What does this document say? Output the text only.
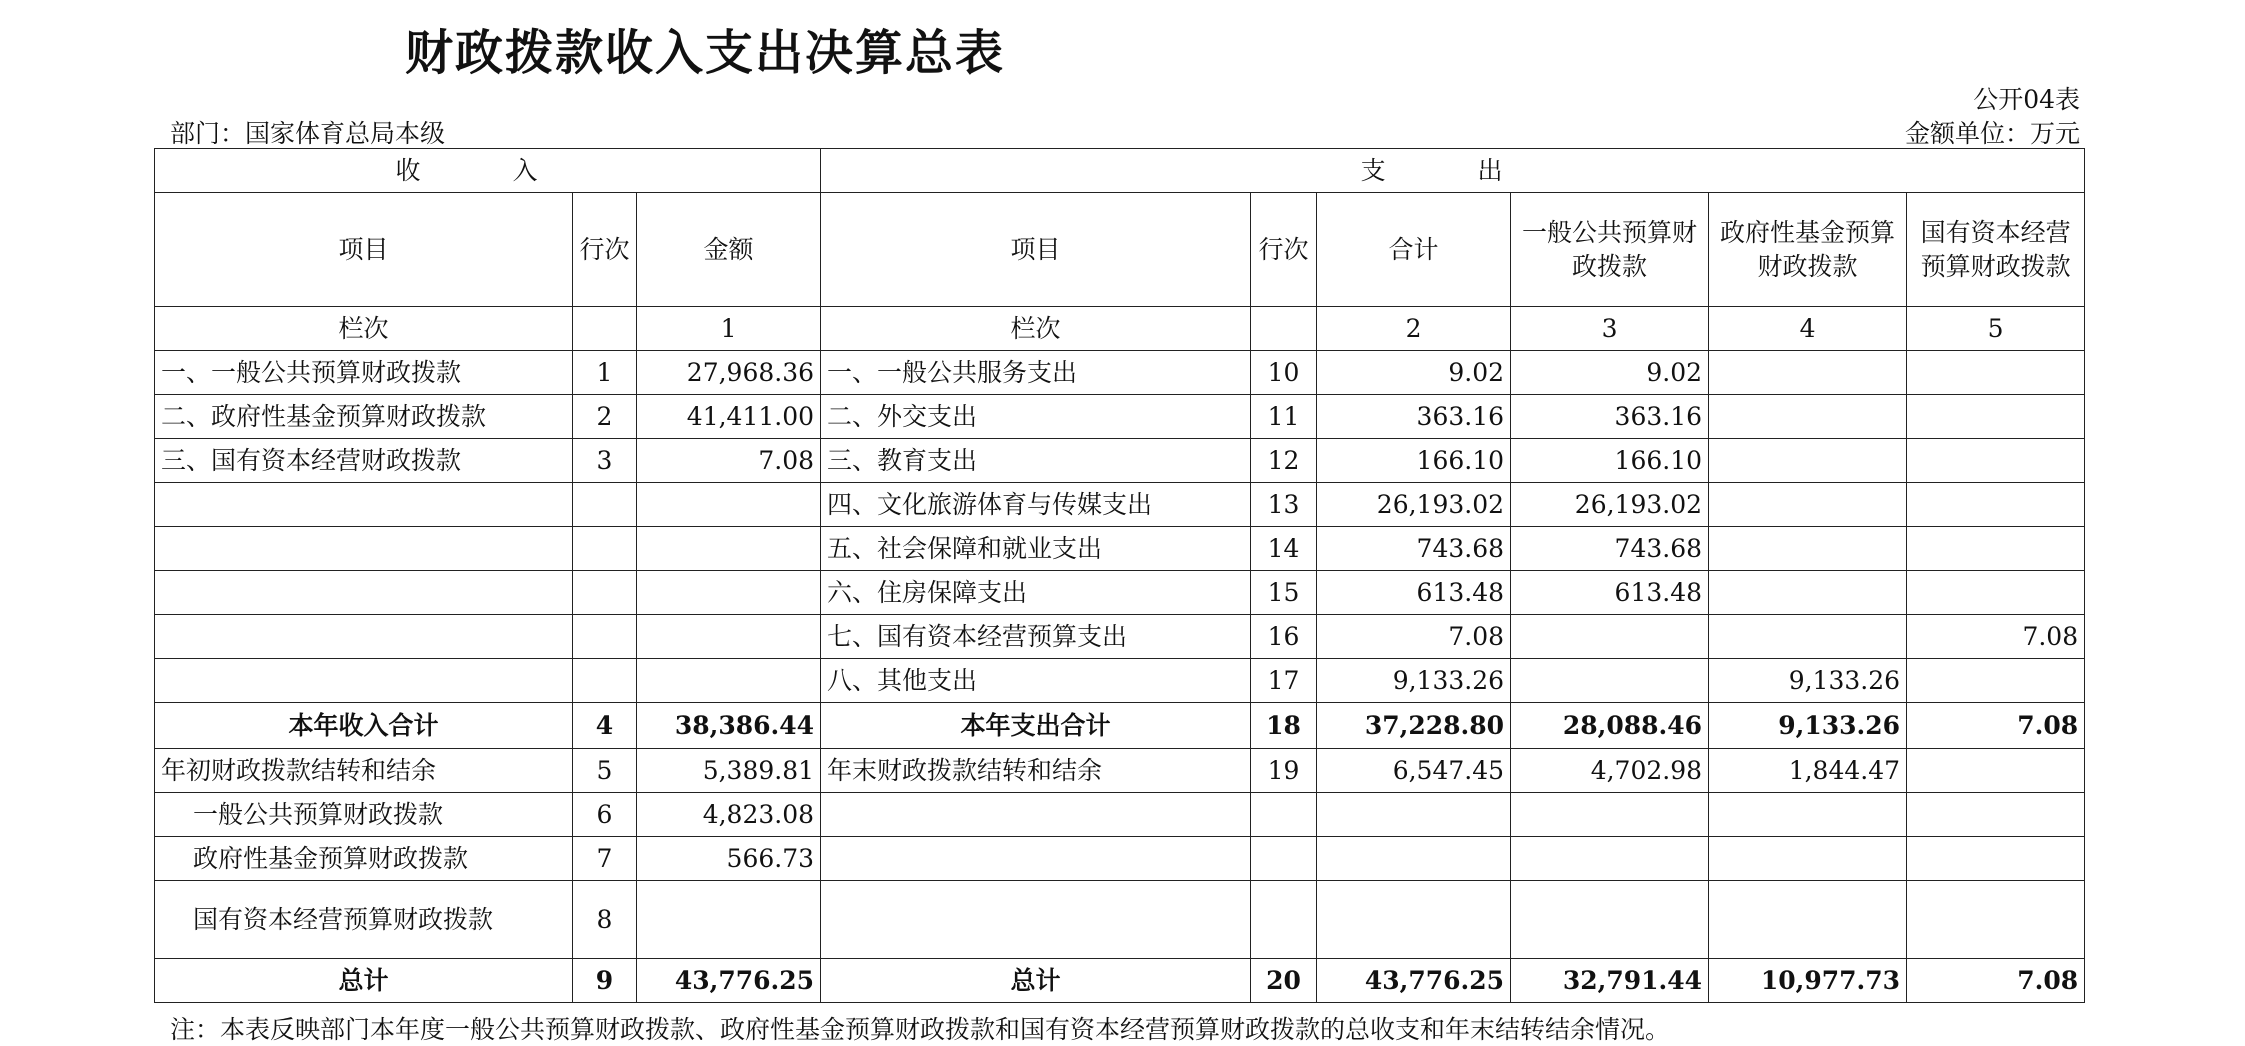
财政拨款收入支出决算总表
公开04表
部门：国家体育总局本级	金额单位：万元
收 入			支 出					
项目	行次	金额	项目	行次	合计	一般公共预算财政拨款	政府性基金预算财政拨款	国有资本经营预算财政拨款
栏次		1	栏次		2	3	4	5
一、一般公共预算财政拨款	1	27,968.36	一、一般公共服务支出	10	9.02	9.02		
二、政府性基金预算财政拨款	2	41,411.00	二、外交支出	11	363.16	363.16		
三、国有资本经营财政拨款	3	7.08	三、教育支出	12	166.10	166.10		
			四、文化旅游体育与传媒支出	13	26,193.02	26,193.02		
			五、社会保障和就业支出	14	743.68	743.68		
			六、住房保障支出	15	613.48	613.48		
			七、国有资本经营预算支出	16	7.08			7.08
			八、其他支出	17	9,133.26		9,133.26	
本年收入合计	4	38,386.44	本年支出合计	18	37,228.80	28,088.46	9,133.26	7.08
年初财政拨款结转和结余	5	5,389.81	年末财政拨款结转和结余	19	6,547.45	4,702.98	1,844.47	
一般公共预算财政拨款	6	4,823.08						
政府性基金预算财政拨款	7	566.73						
国有资本经营预算财政拨款	8							
总计	9	43,776.25	总计	20	43,776.25	32,791.44	10,977.73	7.08
注：本表反映部门本年度一般公共预算财政拨款、政府性基金预算财政拨款和国有资本经营预算财政拨款的总收支和年末结转结余情况。
